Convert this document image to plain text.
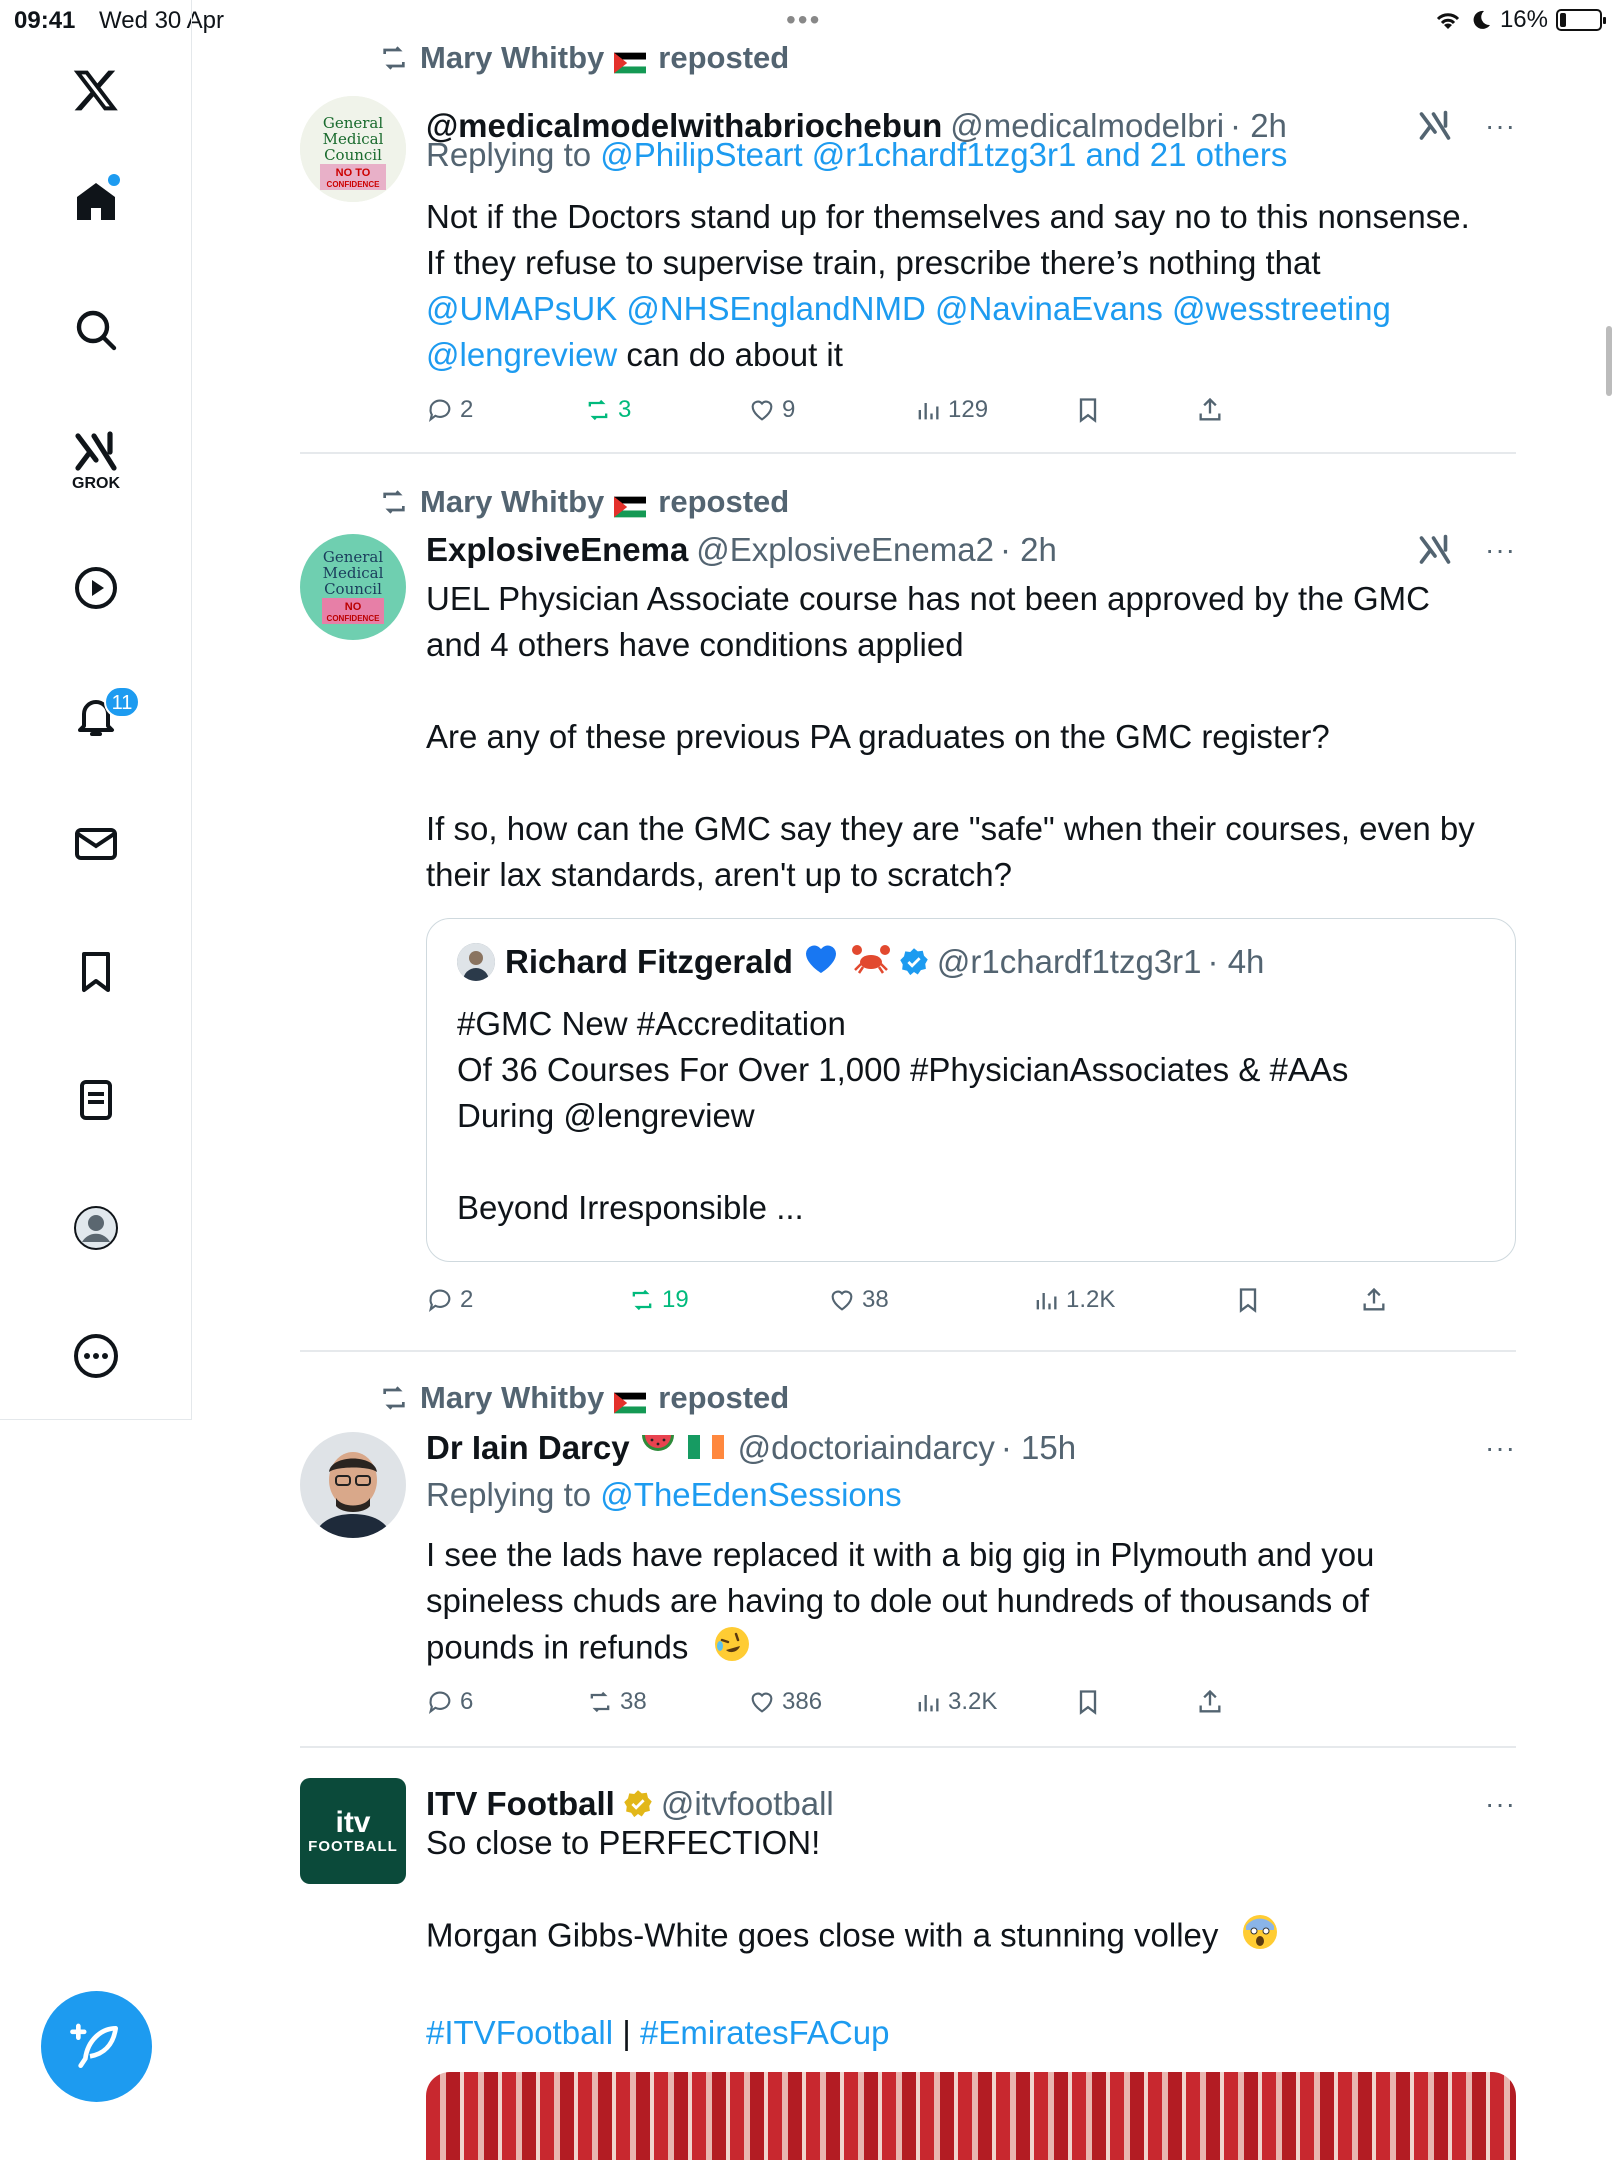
09:41 Wed 30 Apr	•••	16%
GROK
11
Mary Whitby reposted
General
Medical
Council
NO TO
CONFIDENCE
@medicalmodelwithabriochebun @medicalmodelbri · 2h	···
Replying to @PhilipSteart @r1chardf1tzg3r1 and 21 others

Not if the Doctors stand up for themselves and say no to this nonsense.

If they refuse to supervise train, prescribe there’s nothing that

@UMAPsUK @NHSEnglandNMD @NavinaEvans @wesstreeting

@lengreview can do about it

2	3	9	129
Mary Whitby reposted
General
Medical
Council
NO
CONFIDENCE
ExplosiveEnema @ExplosiveEnema2 · 2h	···

UEL Physician Associate course has not been approved by the GMC

and 4 others have conditions applied

Are any of these previous PA graduates on the GMC register?

If so, how can the GMC say they are "safe" when their courses, even by

their lax standards, aren't up to scratch?

Richard Fitzgerald	@r1chardf1tzg3r1 · 4h

#GMC New #Accreditation

Of 36 Courses For Over 1,000 #PhysicianAssociates & #AAs

During @lengreview

Beyond Irresponsible ...

2	19	38	1.2K
Mary Whitby reposted
Dr Iain Darcy	@doctoriaindarcy · 15h	···
Replying to @TheEdenSessions

I see the lads have replaced it with a big gig in Plymouth and you

spineless chuds are having to dole out hundreds of thousands of

pounds in refunds

6	38	386	3.2K
itv
FOOTBALL
ITV Football @itvfootball	···

So close to PERFECTION!

Morgan Gibbs-White goes close with a stunning volley

#ITVFootball | #EmiratesFACup
